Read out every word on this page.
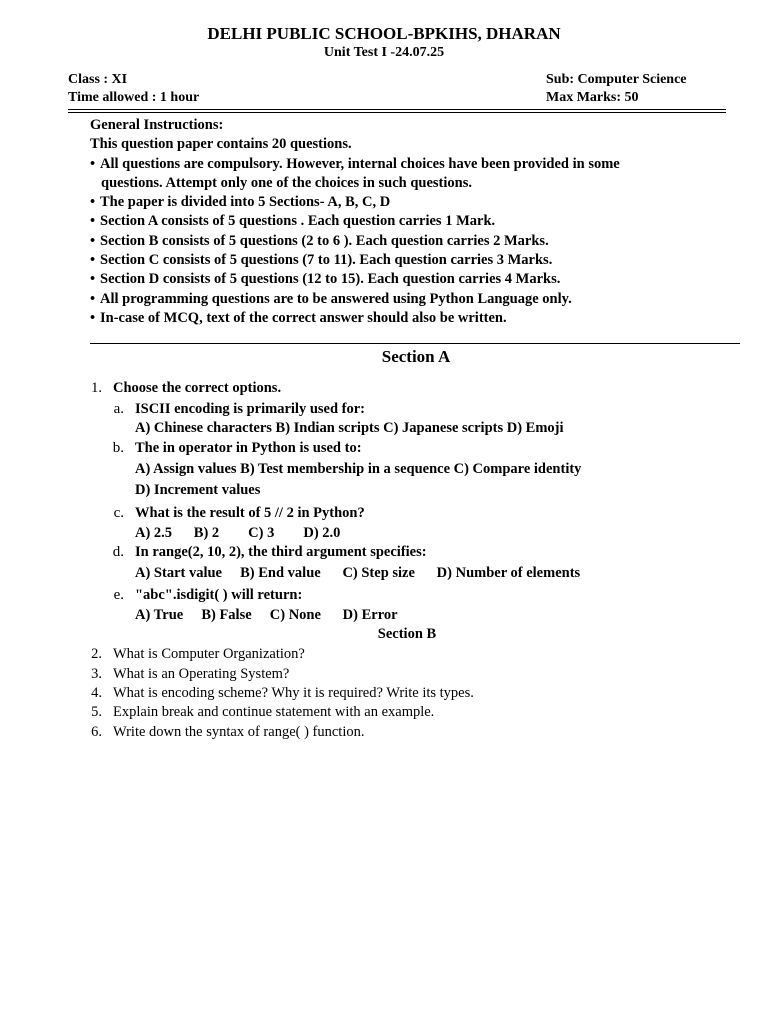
DELHI PUBLIC SCHOOL-BPKIHS, DHARAN
Unit Test I -24.07.25
Class : XI
Time allowed : 1 hour
Sub: Computer Science
Max Marks: 50
General Instructions:
This question paper contains 20 questions.
• All questions are compulsory. However, internal choices have been provided in some
questions. Attempt only one of the choices in such questions.
• The paper is divided into 5 Sections- A, B, C, D
• Section A consists of 5 questions . Each question carries 1 Mark.
• Section B consists of 5 questions (2 to 6 ). Each question carries 2 Marks.
• Section C consists of 5 questions (7 to 11). Each question carries 3 Marks.
• Section D consists of 5 questions (12 to 15). Each question carries 4 Marks.
• All programming questions are to be answered using Python Language only.
• In-case of MCQ, text of the correct answer should also be written.
Section A
1. Choose the correct options.
a. ISCII encoding is primarily used for:
A) Chinese characters B) Indian scripts C) Japanese scripts D) Emoji
b. The in operator in Python is used to:
A) Assign values B) Test membership in a sequence C) Compare identity
D) Increment values
c. What is the result of 5 // 2 in Python?
A) 2.5      B) 2        C) 3        D) 2.0
d. In range(2, 10, 2), the third argument specifies:
A) Start value     B) End value      C) Step size      D) Number of elements
e. "abc".isdigit( ) will return:
A) True     B) False     C) None      D) Error
Section B
2. What is Computer Organization?
3. What is an Operating System?
4. What is encoding scheme? Why it is required? Write its types.
5. Explain break and continue statement with an example.
6. Write down the syntax of range( ) function.
